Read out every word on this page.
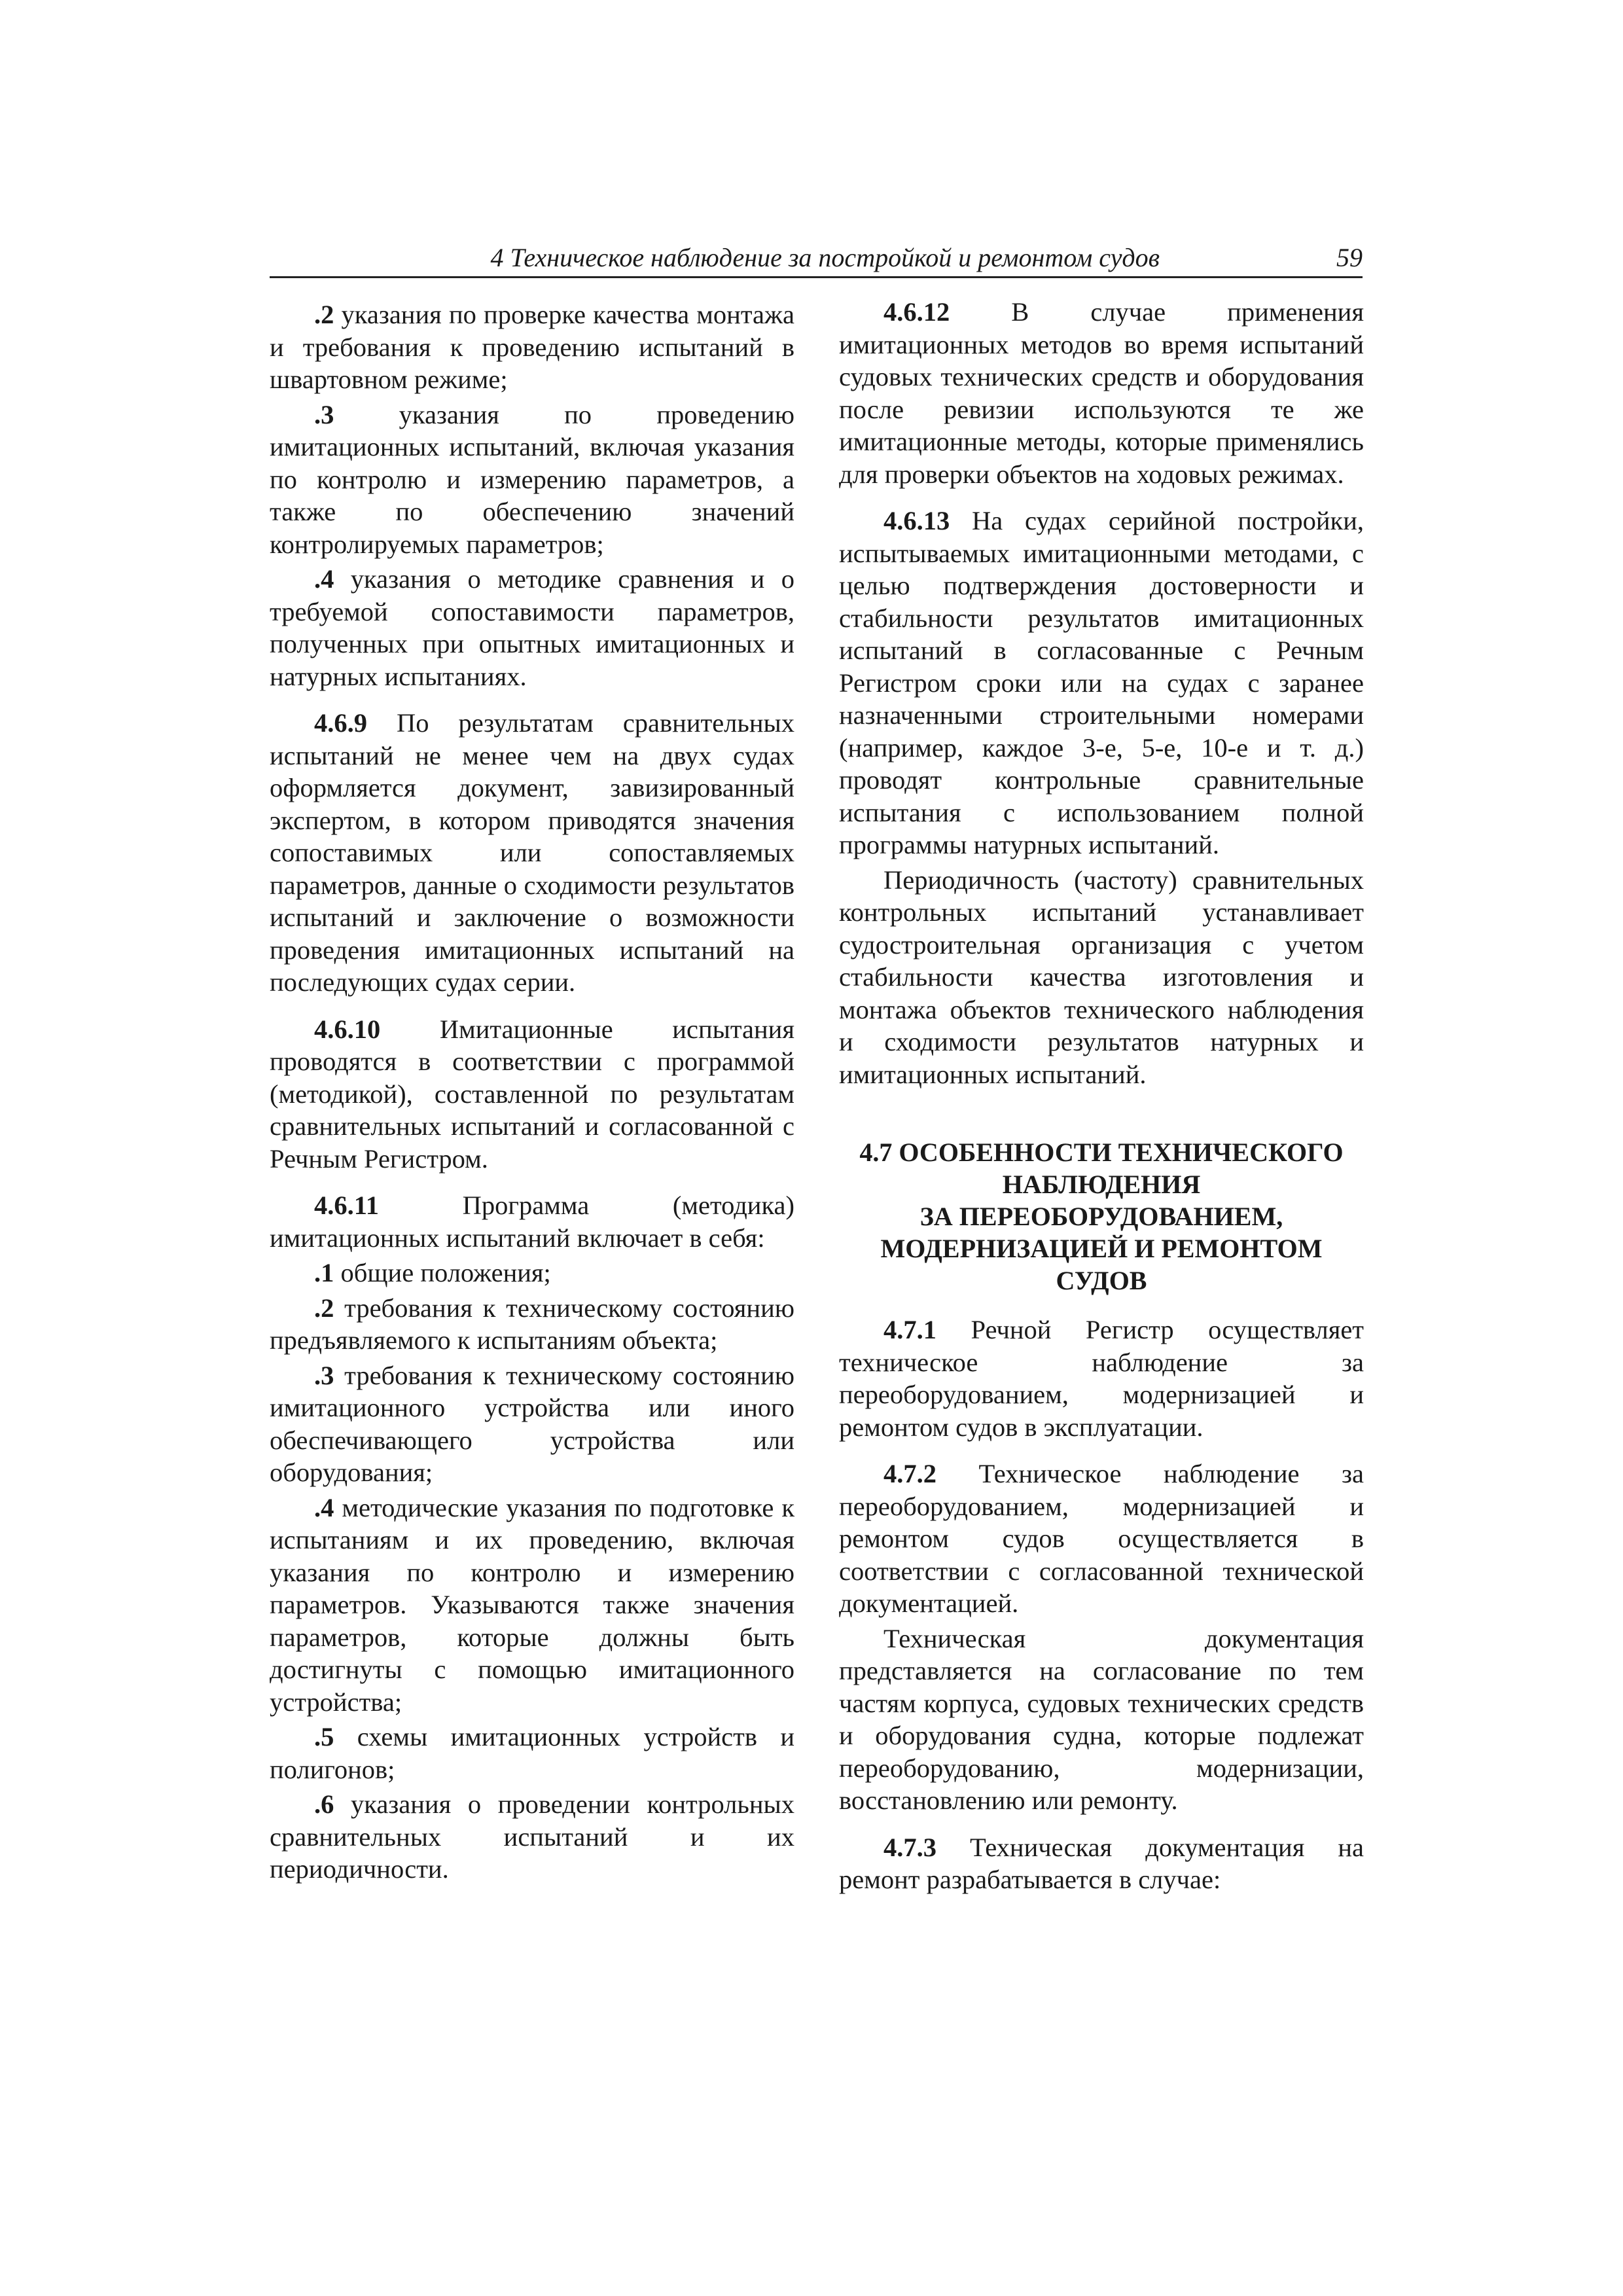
4 Техническое наблюдение за постройкой и ремонтом судов	59

.2 указания по проверке качества монтажа и требования к проведению испытаний в швартовном режиме;

.3 указания по проведению имитационных испытаний, включая указания по контролю и измерению параметров, а также по обеспечению значений контролируемых параметров;

.4 указания о методике сравнения и о требуемой сопоставимости параметров, полученных при опытных имитационных и натурных испытаниях.

4.6.9 По результатам сравнительных испытаний не менее чем на двух судах оформляется документ, завизированный экспертом, в котором приводятся значения сопоставимых или сопоставляемых параметров, данные о сходимости результатов испытаний и заключение о возможности проведения имитационных испытаний на последующих судах серии.

4.6.10 Имитационные испытания проводятся в соответствии с программой (методикой), составленной по результатам сравнительных испытаний и согласованной с Речным Регистром.

4.6.11 Программа (методика) имитационных испытаний включает в себя:

.1 общие положения;

.2 требования к техническому состоянию предъявляемого к испытаниям объекта;

.3 требования к техническому состоянию имитационного устройства или иного обеспечивающего устройства или оборудования;

.4 методические указания по подготовке к испытаниям и их проведению, включая указания по контролю и измерению параметров. Указываются также значения параметров, которые должны быть достигнуты с помощью имитационного устройства;

.5 схемы имитационных устройств и полигонов;

.6 указания о проведении контрольных сравнительных испытаний и их периодичности.

4.6.12 В случае применения имитационных методов во время испытаний судовых технических средств и оборудования после ревизии используются те же имитационные методы, которые применялись для проверки объектов на ходовых режимах.

4.6.13 На судах серийной постройки, испытываемых имитационными методами, с целью подтверждения достоверности и стабильности результатов имитационных испытаний в согласованные с Речным Регистром сроки или на судах с заранее назначенными строительными номерами (например, каждое 3-е, 5-е, 10-е и т. д.) проводят контрольные сравнительные испытания с использованием полной программы натурных испытаний.

Периодичность (частоту) сравнительных контрольных испытаний устанавливает судостроительная организация с учетом стабильности качества изготовления и монтажа объектов технического наблюдения и сходимости результатов натурных и имитационных испытаний.

4.7 ОСОБЕННОСТИ ТЕХНИЧЕСКОГО
НАБЛЮДЕНИЯ
ЗА ПЕРЕОБОРУДОВАНИЕМ,
МОДЕРНИЗАЦИЕЙ И РЕМОНТОМ
СУДОВ

4.7.1 Речной Регистр осуществляет техническое наблюдение за переоборудованием, модернизацией и ремонтом судов в эксплуатации.

4.7.2 Техническое наблюдение за переоборудованием, модернизацией и ремонтом судов осуществляется в соответствии с согласованной технической документацией.

Техническая документация представляется на согласование по тем частям корпуса, судовых технических средств и оборудования судна, которые подлежат переоборудованию, модернизации, восстановлению или ремонту.

4.7.3 Техническая документация на ремонт разрабатывается в случае:
